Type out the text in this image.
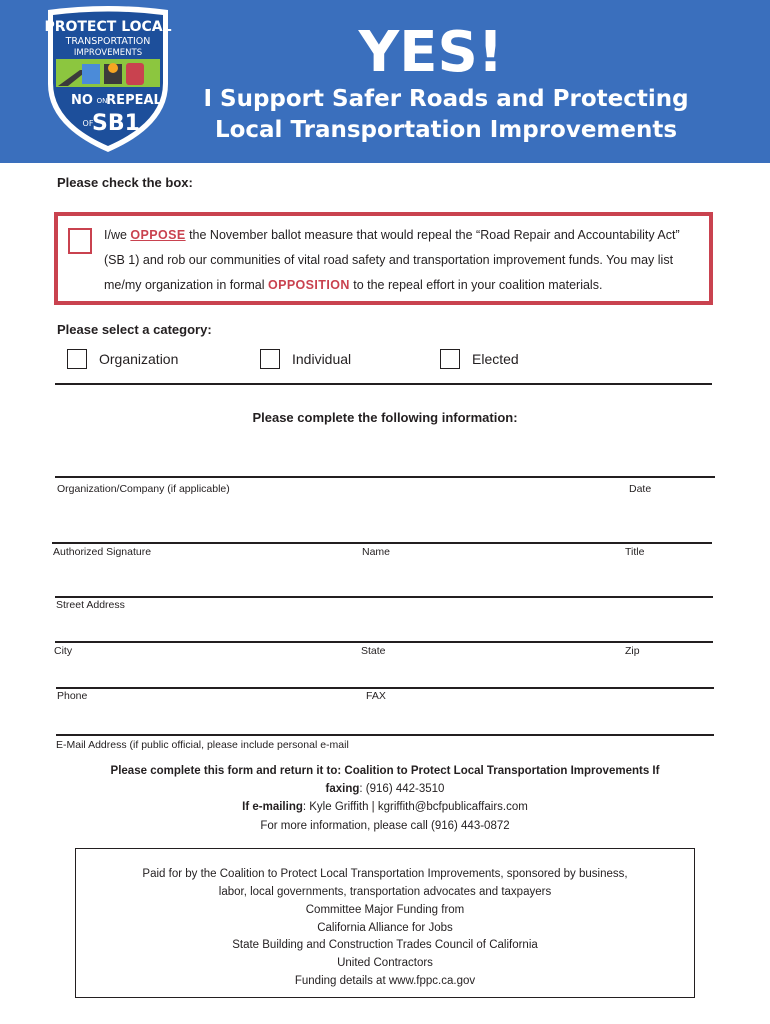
PROTECT LOCAL
TRANSPORTATION
IMPROVEMENTS
NO ON
REPEAL
OF
SB1
YES!
I Support Safer Roads and Protecting
Local Transportation Improvements
Please check the box:
I/we OPPOSE the November ballot measure that would repeal the “Road Repair and Accountability Act”
(SB 1) and rob our communities of vital road safety and transportation improvement funds. You may list
me/my organization in formal OPPOSITION to the repeal effort in your coalition materials.
Please select a category:
Organization	Individual	Elected
Please complete the following information:
Organization/Company (if applicable)	Date
Authorized Signature	Name	Title
Street Address
City	State	Zip
Phone	FAX
E-Mail Address (if public official, please include personal e-mail
Please complete this form and return it to: Coalition to Protect Local Transportation Improvements If
faxing: (916) 442-3510
If e-mailing: Kyle Griffith | kgriffith@bcfpublicaffairs.com
For more information, please call (916) 443-0872
Paid for by the Coalition to Protect Local Transportation Improvements, sponsored by business,
labor, local governments, transportation advocates and taxpayers
Committee Major Funding from
California Alliance for Jobs
State Building and Construction Trades Council of California
United Contractors
Funding details at www.fppc.ca.gov
